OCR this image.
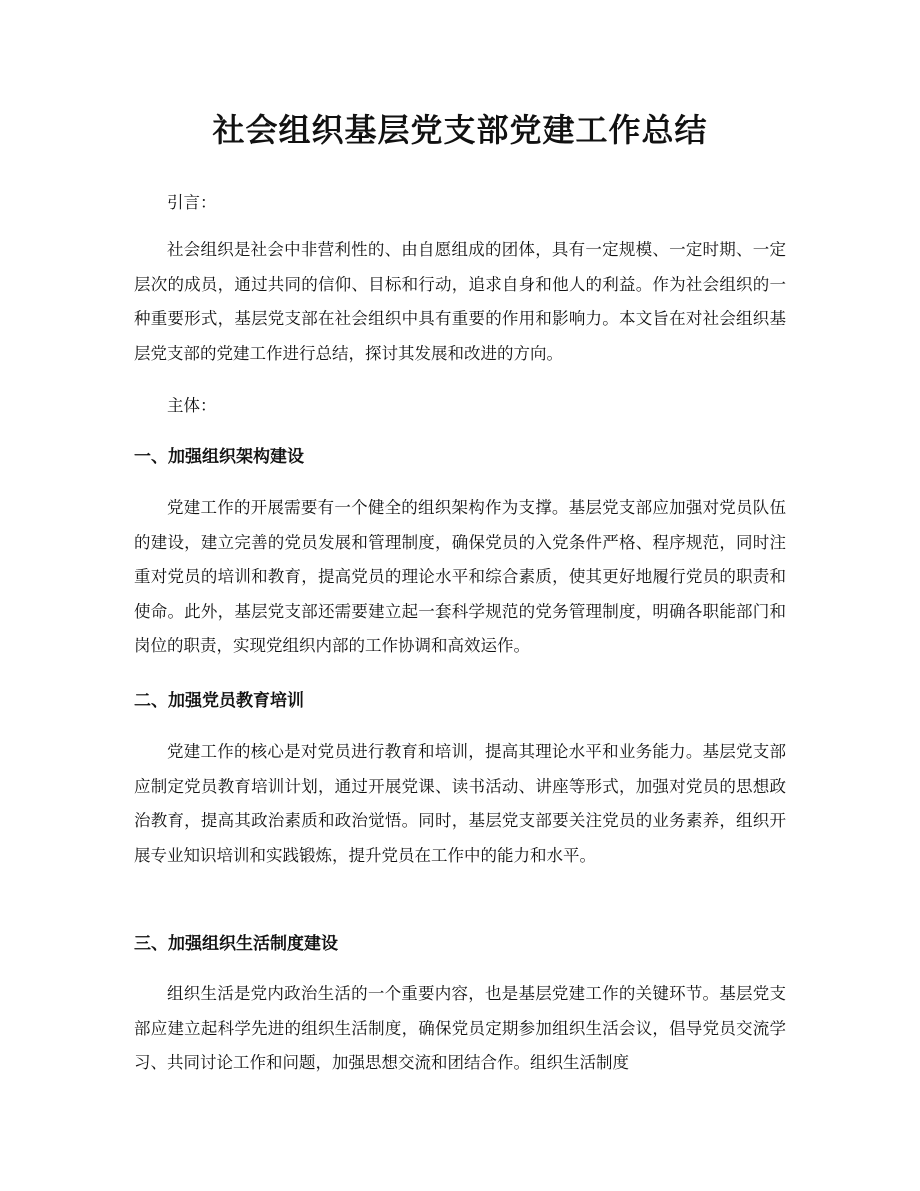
社会组织基层党支部党建工作总结

引言：

社会组织是社会中非营利性的、由自愿组成的团体，具有一定规模、一定时期、一定层次的成员，通过共同的信仰、目标和行动，追求自身和他人的利益。作为社会组织的一种重要形式，基层党支部在社会组织中具有重要的作用和影响力。本文旨在对社会组织基层党支部的党建工作进行总结，探讨其发展和改进的方向。

主体：

一、加强组织架构建设

党建工作的开展需要有一个健全的组织架构作为支撑。基层党支部应加强对党员队伍的建设，建立完善的党员发展和管理制度，确保党员的入党条件严格、程序规范，同时注重对党员的培训和教育，提高党员的理论水平和综合素质，使其更好地履行党员的职责和使命。此外，基层党支部还需要建立起一套科学规范的党务管理制度，明确各职能部门和岗位的职责，实现党组织内部的工作协调和高效运作。

二、加强党员教育培训

党建工作的核心是对党员进行教育和培训，提高其理论水平和业务能力。基层党支部应制定党员教育培训计划，通过开展党课、读书活动、讲座等形式，加强对党员的思想政治教育，提高其政治素质和政治觉悟。同时，基层党支部要关注党员的业务素养，组织开展专业知识培训和实践锻炼，提升党员在工作中的能力和水平。

三、加强组织生活制度建设

组织生活是党内政治生活的一个重要内容，也是基层党建工作的关键环节。基层党支部应建立起科学先进的组织生活制度，确保党员定期参加组织生活会议，倡导党员交流学习、共同讨论工作和问题，加强思想交流和团结合作。组织生活制度
